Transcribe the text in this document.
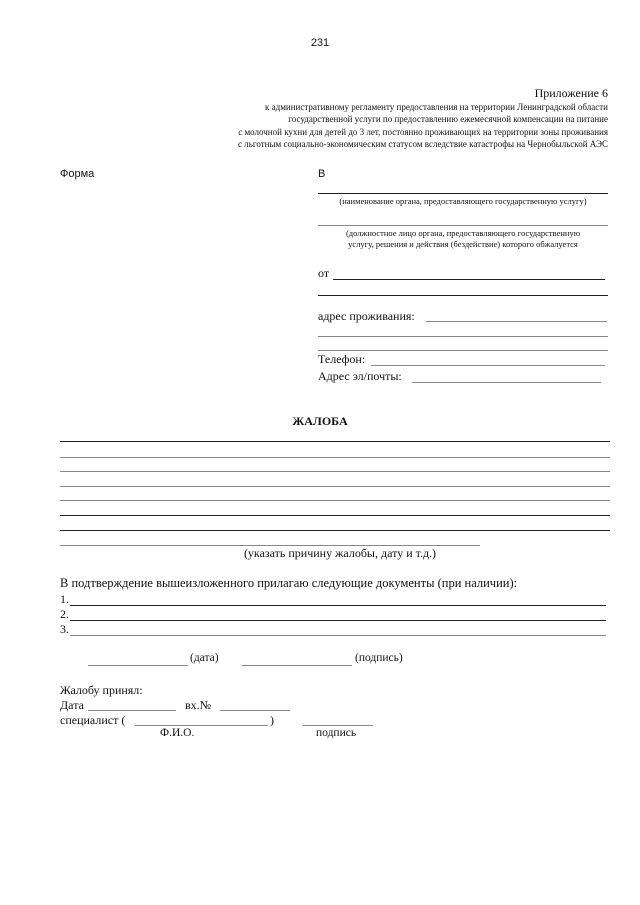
231
Приложение 6
к административному регламенту предоставления на территории Ленинградской области
государственной услуги по предоставлению ежемесячной компенсации на питание
с молочной кухни для детей до 3 лет, постоянно проживающих на территории зоны проживания
с льготным социально-экономическим статусом вследствие катастрофы на Чернобыльской АЭС
Форма	В
(наименование органа, предоставляющего государственную услугу)
(должностное лицо органа, предоставляющего государственную
услугу, решения и действия (бездействие) которого обжалуется
от
адрес проживания:
Телефон:
Адрес эл/почты:
ЖАЛОБА
(указать причину жалобы, дату и т.д.)
В подтверждение вышеизложенного прилагаю следующие документы (при наличии):
1.
2.
3.
(дата)	(подпись)
Жалобу принял:
Дата	вх.№
специалист (	)
Ф.И.О.	подпись
